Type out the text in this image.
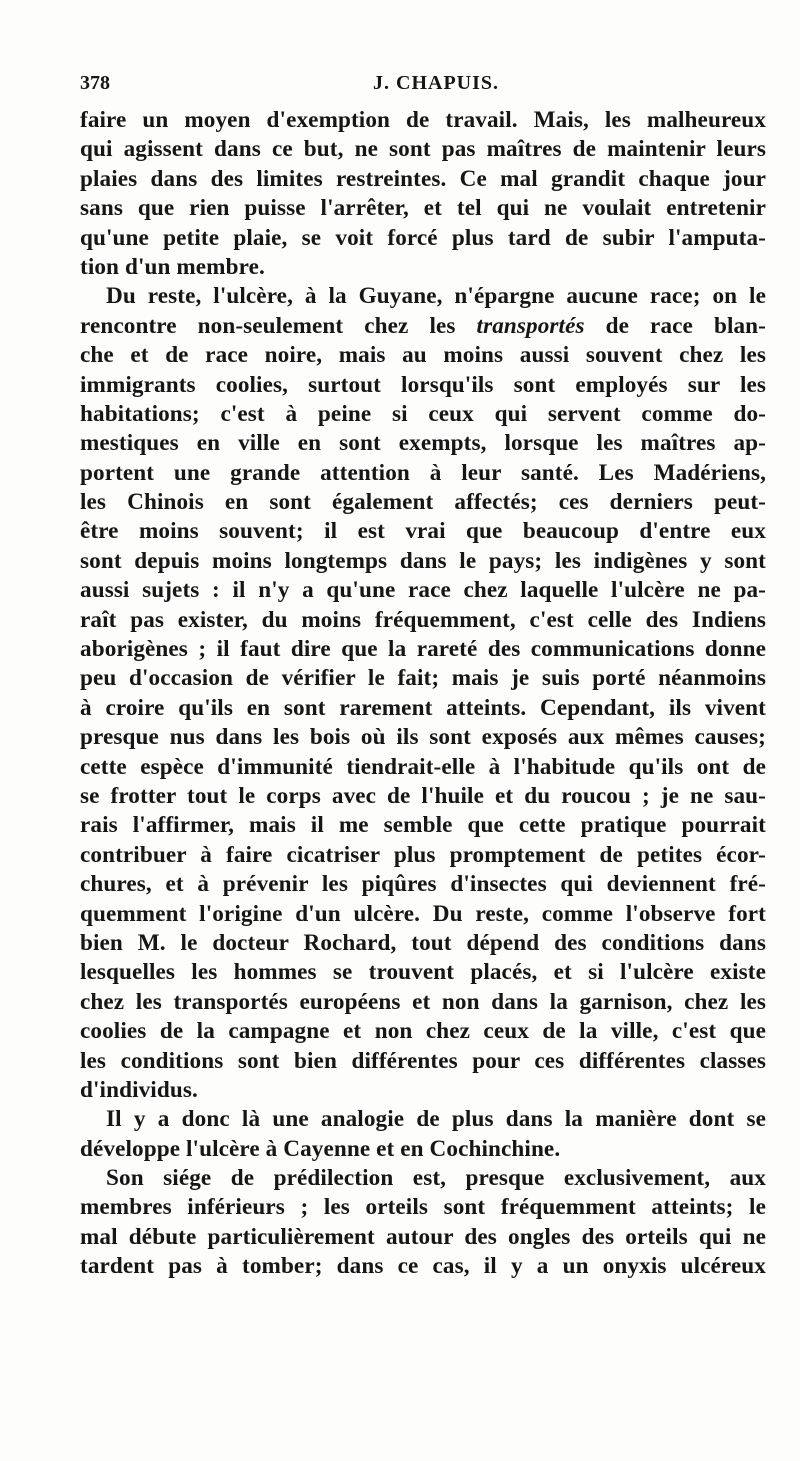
378	J. CHAPUIS.
faire un moyen d'exemption de travail. Mais, les malheureux
qui agissent dans ce but, ne sont pas maîtres de maintenir leurs
plaies dans des limites restreintes. Ce mal grandit chaque jour
sans que rien puisse l'arrêter, et tel qui ne voulait entretenir
qu'une petite plaie, se voit forcé plus tard de subir l'amputa-
tion d'un membre.
Du reste, l'ulcère, à la Guyane, n'épargne aucune race; on le
rencontre non-seulement chez les transportés de race blan-
che et de race noire, mais au moins aussi souvent chez les
immigrants coolies, surtout lorsqu'ils sont employés sur les
habitations; c'est à peine si ceux qui servent comme do-
mestiques en ville en sont exempts, lorsque les maîtres ap-
portent une grande attention à leur santé. Les Madériens,
les Chinois en sont également affectés; ces derniers peut-
être moins souvent; il est vrai que beaucoup d'entre eux
sont depuis moins longtemps dans le pays; les indigènes y sont
aussi sujets : il n'y a qu'une race chez laquelle l'ulcère ne pa-
raît pas exister, du moins fréquemment, c'est celle des Indiens
aborigènes ; il faut dire que la rareté des communications donne
peu d'occasion de vérifier le fait; mais je suis porté néanmoins
à croire qu'ils en sont rarement atteints. Cependant, ils vivent
presque nus dans les bois où ils sont exposés aux mêmes causes;
cette espèce d'immunité tiendrait-elle à l'habitude qu'ils ont de
se frotter tout le corps avec de l'huile et du roucou ; je ne sau-
rais l'affirmer, mais il me semble que cette pratique pourrait
contribuer à faire cicatriser plus promptement de petites écor-
chures, et à prévenir les piqûres d'insectes qui deviennent fré-
quemment l'origine d'un ulcère. Du reste, comme l'observe fort
bien M. le docteur Rochard, tout dépend des conditions dans
lesquelles les hommes se trouvent placés, et si l'ulcère existe
chez les transportés européens et non dans la garnison, chez les
coolies de la campagne et non chez ceux de la ville, c'est que
les conditions sont bien différentes pour ces différentes classes
d'individus.
Il y a donc là une analogie de plus dans la manière dont se
développe l'ulcère à Cayenne et en Cochinchine.
Son siége de prédilection est, presque exclusivement, aux
membres inférieurs ; les orteils sont fréquemment atteints; le
mal débute particulièrement autour des ongles des orteils qui ne
tardent pas à tomber; dans ce cas, il y a un onyxis ulcéreux
